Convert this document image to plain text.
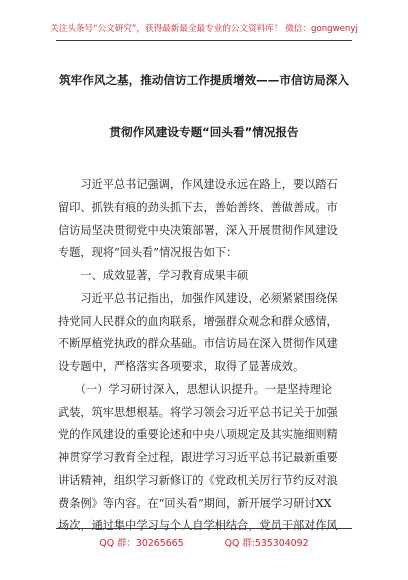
关注头条号“公文研究”，获得最新最全最专业的公文资料库！ 微信：gongwenyj
筑牢作风之基，推动信访工作提质增效——市信访局深入
贯彻作风建设专题“回头看”情况报告
　　习近平总书记强调，作风建设永远在路上，要以踏石
留印、抓铁有痕的劲头抓下去，善始善终、善做善成。市
信访局坚决贯彻党中央决策部署，深入开展贯彻作风建设
专题，现将“回头看”情况报告如下：
　　一、成效显著，学习教育成果丰硕
　　习近平总书记指出，加强作风建设，必须紧紧围绕保
持党同人民群众的血肉联系，增强群众观念和群众感情，
不断厚植党执政的群众基础。市信访局在深入贯彻作风建
设专题中，严格落实各项要求，取得了显著成效。
　　（一）学习研讨深入，思想认识提升。一是坚持理论
武装，筑牢思想根基。将学习领会习近平总书记关于加强
党的作风建设的重要论述和中央八项规定及其实施细则精
神贯穿学习教育全过程，跟进学习习近平总书记最新重要
讲话精神，组织学习新修订的《党政机关厉行节约反对浪
费条例》等内容。在“回头看”期间，新开展学习研讨XX
场次，通过集中学习与个人自学相结合，党员干部对作风
QQ 群：30265665	QQ 群:535304092
